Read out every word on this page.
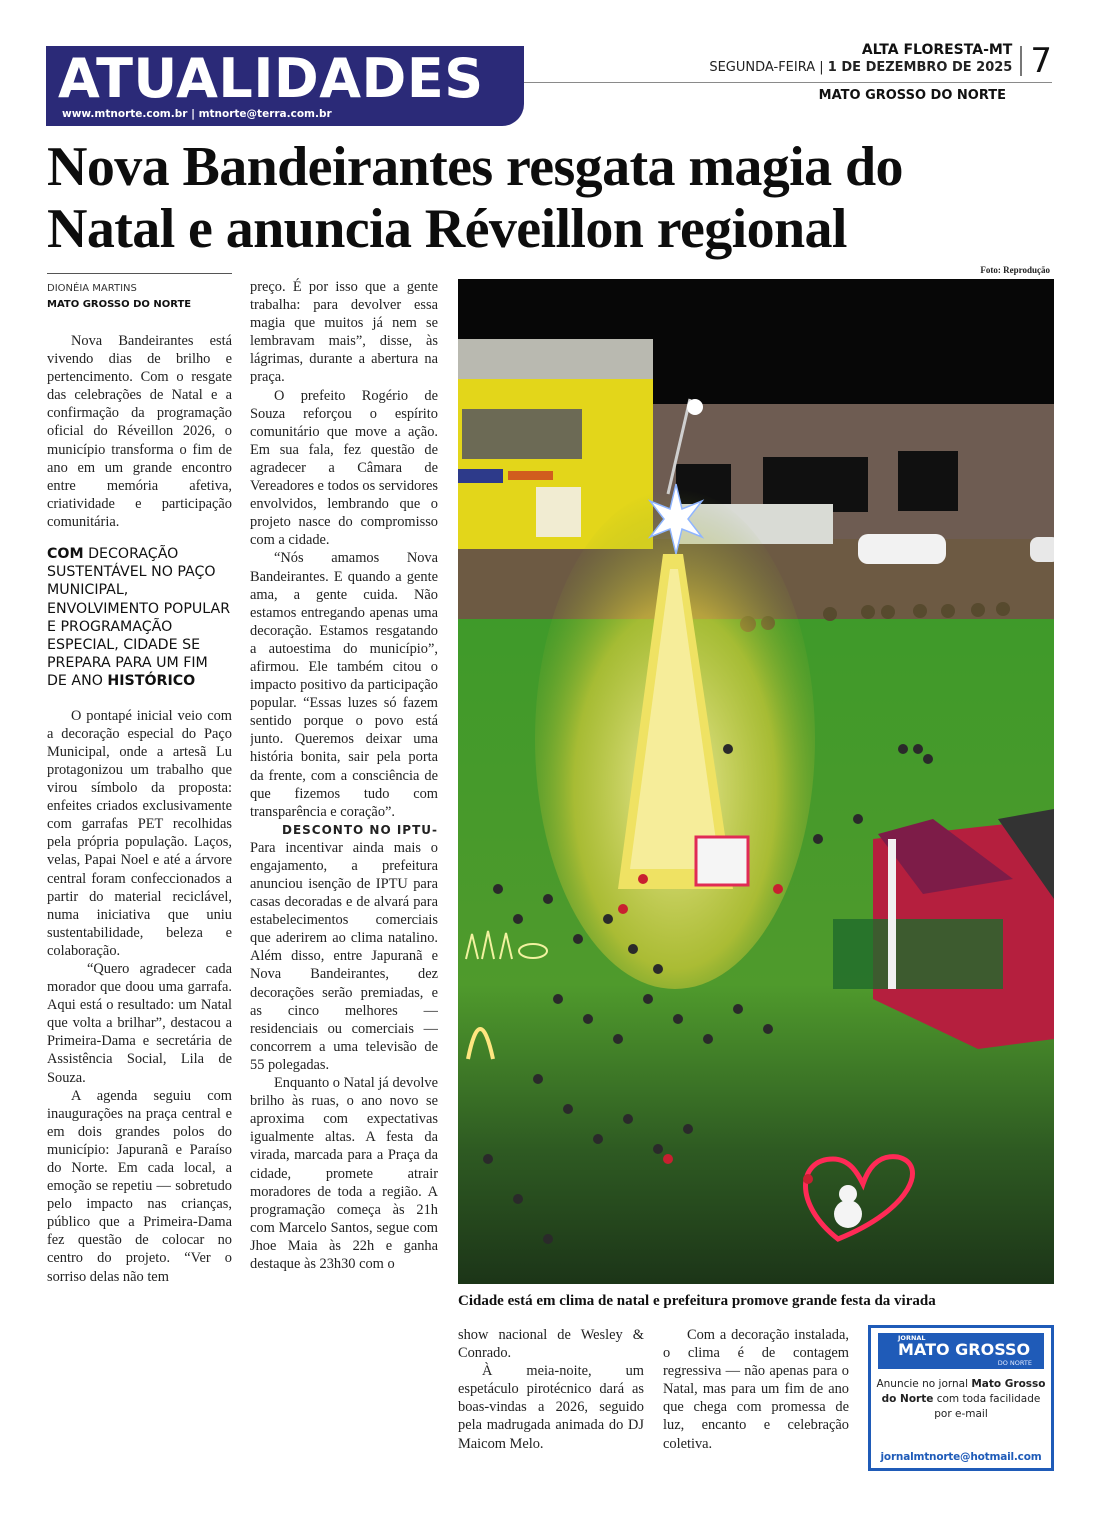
ATUALIDADES
www.mtnorte.com.br | mtnorte@terra.com.br
ALTA FLORESTA-MT
SEGUNDA-FEIRA | 1 DE DEZEMBRO DE 2025 7
MATO GROSSO DO NORTE
Nova Bandeirantes resgata magia do
Natal e anuncia Réveillon regional
Foto: Reprodução
DIONÉIA MARTINS
MATO GROSSO DO NORTE

Nova Bandeirantes está vivendo dias de brilho e pertencimento. Com o resgate das celebrações de Natal e a confirmação da programação oficial do Réveillon 2026, o município transforma o fim de ano em um grande encontro entre memória afetiva, criatividade e participação comunitária.

COM DECORAÇÃO SUSTENTÁVEL NO PAÇO MUNICIPAL, ENVOLVIMENTO POPULAR E PROGRAMAÇÃO ESPECIAL, CIDADE SE PREPARA PARA UM FIM DE ANO HISTÓRICO

O pontapé inicial veio com a decoração especial do Paço Municipal, onde a artesã Lu protagonizou um trabalho que virou símbolo da proposta: enfeites criados exclusivamente com garrafas PET recolhidas pela própria população. Laços, velas, Papai Noel e até a árvore central foram confeccionados a partir do material reciclável, numa iniciativa que uniu sustentabilidade, beleza e colaboração.

“Quero agradecer cada morador que doou uma garrafa. Aqui está o resultado: um Natal que volta a brilhar”, destacou a Primeira-Dama e secretária de Assistência Social, Lila de Souza.

A agenda seguiu com inaugurações na praça central e em dois grandes polos do município: Japuranã e Paraíso do Norte. Em cada local, a emoção se repetiu — sobretudo pelo impacto nas crianças, público que a Primeira-Dama fez questão de colocar no centro do projeto. “Ver o sorriso delas não tem

preço. É por isso que a gente trabalha: para devolver essa magia que muitos já nem se lembravam mais”, disse, às lágrimas, durante a abertura na praça.

O prefeito Rogério de Souza reforçou o espírito comunitário que move a ação. Em sua fala, fez questão de agradecer a Câmara de Vereadores e todos os servidores envolvidos, lembrando que o projeto nasce do compromisso com a cidade.

“Nós amamos Nova Bandeirantes. E quando a gente ama, a gente cuida. Não estamos entregando apenas uma decoração. Estamos resgatando a autoestima do município”, afirmou. Ele também citou o impacto positivo da participação popular. “Essas luzes só fazem sentido porque o povo está junto. Queremos deixar uma história bonita, sair pela porta da frente, com a consciência de que fizemos tudo com transparência e coração”.

DESCONTO NO IPTU-

Para incentivar ainda mais o engajamento, a prefeitura anunciou isenção de IPTU para casas decoradas e de alvará para estabelecimentos comerciais que aderirem ao clima natalino. Além disso, entre Japuranã e Nova Bandeirantes, dez decorações serão premiadas, e as cinco melhores — residenciais ou comerciais — concorrem a uma televisão de 55 polegadas.

Enquanto o Natal já devolve brilho às ruas, o ano novo se aproxima com expectativas igualmente altas. A festa da virada, marcada para a Praça da cidade, promete atrair moradores de toda a região. A programação começa às 21h com Marcelo Santos, segue com Jhoe Maia às 22h e ganha destaque às 23h30 com o

Cidade está em clima de natal e prefeitura promove grande festa da virada

show nacional de Wesley & Conrado.

À meia-noite, um espetáculo pirotécnico dará as boas-vindas a 2026, seguido pela madrugada animada do DJ Maicom Melo.

Com a decoração instalada, o clima é de contagem regressiva — não apenas para o Natal, mas para um fim de ano que chega com promessa de luz, encanto e celebração coletiva.

JORNAL
MATO GROSSO
DO NORTE
Anuncie no jornal Mato Grosso do Norte com toda facilidade por e-mail
jornalmtnorte@hotmail.com
